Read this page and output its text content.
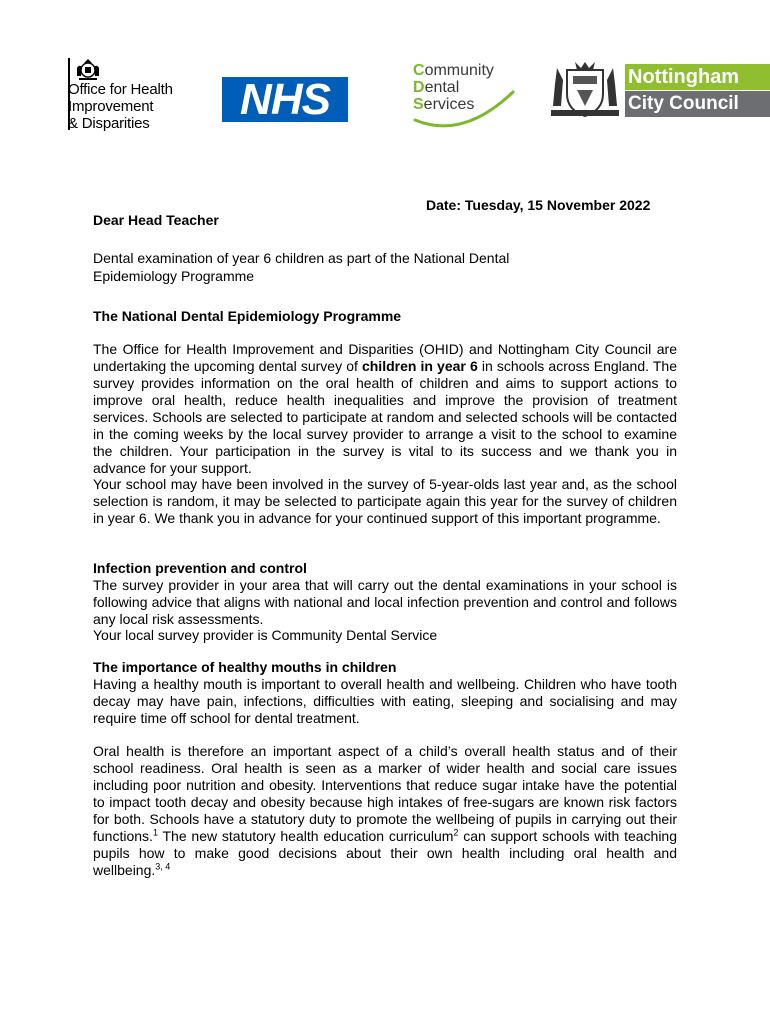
Office for Health
Improvement
& Disparities	NHS
Community
Dental
Services
Nottingham
City Council
Date: Tuesday, 15 November 2022
Dear Head Teacher
Dental examination of year 6 children as part of the National Dental
Epidemiology Programme
The National Dental Epidemiology Programme
The Office for Health Improvement and Disparities (OHID) and Nottingham City Council are undertaking the upcoming dental survey of children in year 6 in schools across England. The survey provides information on the oral health of children and aims to support actions to improve oral health, reduce health inequalities and improve the provision of treatment services. Schools are selected to participate at random and selected schools will be contacted in the coming weeks by the local survey provider to arrange a visit to the school to examine the children. Your participation in the survey is vital to its success and we thank you in advance for your support.
Your school may have been involved in the survey of 5-year-olds last year and, as the school selection is random, it may be selected to participate again this year for the survey of children in year 6. We thank you in advance for your continued support of this important programme.
Infection prevention and control
The survey provider in your area that will carry out the dental examinations in your school is following advice that aligns with national and local infection prevention and control and follows any local risk assessments.
Your local survey provider is Community Dental Service
The importance of healthy mouths in children
Having a healthy mouth is important to overall health and wellbeing. Children who have tooth decay may have pain, infections, difficulties with eating, sleeping and socialising and may require time off school for dental treatment.
Oral health is therefore an important aspect of a child’s overall health status and of their school readiness. Oral health is seen as a marker of wider health and social care issues including poor nutrition and obesity. Interventions that reduce sugar intake have the potential to impact tooth decay and obesity because high intakes of free-sugars are known risk factors for both. Schools have a statutory duty to promote the wellbeing of pupils in carrying out their functions.$^1$ The new statutory health education curriculum$^2$ can support schools with teaching pupils how to make good decisions about their own health including oral health and wellbeing.$^{3, 4}$
